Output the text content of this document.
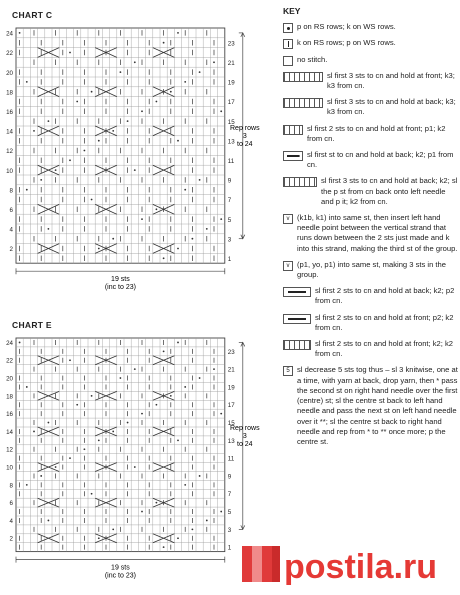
CHART C
24
22
20
18
16
14
12
10
8
6
4
2
23
21
19
17
15
13
11
9
7
5
3
1
Rep rows
3
to 24
19 sts
(inc to 23)
CHART E
24
22
20
18
16
14
12
10
8
6
4
2
23
21
19
17
15
13
11
9
7
5
3
1
Rep rows
3
to 24
19 sts
(inc to 23)
KEY
p on RS rows; k on WS rows.
k on RS rows; p on WS rows.
no stitch.
sl first 3 sts to cn and hold at front; k3; k3 from cn.
sl first 3 sts to cn and hold at back; k3; k3 from cn.
sl first 2 sts to cn and hold at front; p1; k2 from cn.
sl first st to cn and hold at back; k2; p1 from cn.
sl first 3 sts to cn and hold at back; k2; sl the p st from cn back onto left needle and p it; k2 from cn.
v (k1b, k1) into same st, then insert left hand needle point between the vertical strand that runs down between the 2 sts just made and k into this strand, making the third st of the group.
v (p1, yo, p1) into same st, making 3 sts in the group.
sl first 2 sts to cn and hold at back; k2; p2 from cn.
sl first 2 sts to cn and hold at front; p2; k2 from cn.
sl first 2 sts to cn and hold at front; k2; k2 from cn.
5 sl decrease 5 sts tog thus – sl 3 knitwise, one at a time, with yarn at back, drop yarn, then * pass the second st on right hand needle over the first (centre) st; sl the centre st back to left hand needle and pass the next st on left hand needle over it **; sl the centre st back to right hand needle and rep from * to ** once more; p the centre st.
postila.ru
